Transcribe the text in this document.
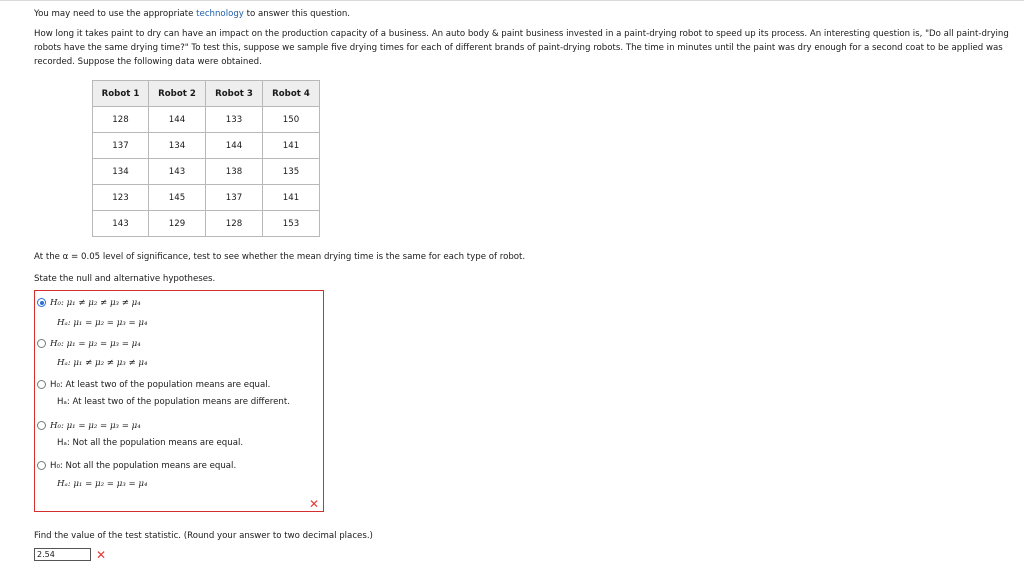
You may need to use the appropriate technology to answer this question.

How long it takes paint to dry can have an impact on the production capacity of a business. An auto body & paint business invested in a paint-drying robot to speed up its process. An interesting question is, "Do all paint-drying robots have the same drying time?" To test this, suppose we sample five drying times for each of different brands of paint-drying robots. The time in minutes until the paint was dry enough for a second coat to be applied was recorded. Suppose the following data were obtained.

Robot 1	Robot 2	Robot 3	Robot 4
128	144	133	150
137	134	144	141
134	143	138	135
123	145	137	141
143	129	128	153

At the α = 0.05 level of significance, test to see whether the mean drying time is the same for each type of robot.

State the null and alternative hypotheses.

H₀: μ₁ ≠ μ₂ ≠ μ₃ ≠ μ₄
Hₐ: μ₁ = μ₂ = μ₃ = μ₄
H₀: μ₁ = μ₂ = μ₃ = μ₄
Hₐ: μ₁ ≠ μ₂ ≠ μ₃ ≠ μ₄
H₀: At least two of the population means are equal.
Hₐ: At least two of the population means are different.
H₀: μ₁ = μ₂ = μ₃ = μ₄
Hₐ: Not all the population means are equal.
H₀: Not all the population means are equal.
Hₐ: μ₁ = μ₂ = μ₃ = μ₄
✕

Find the value of the test statistic. (Round your answer to two decimal places.)

2.54	✕
